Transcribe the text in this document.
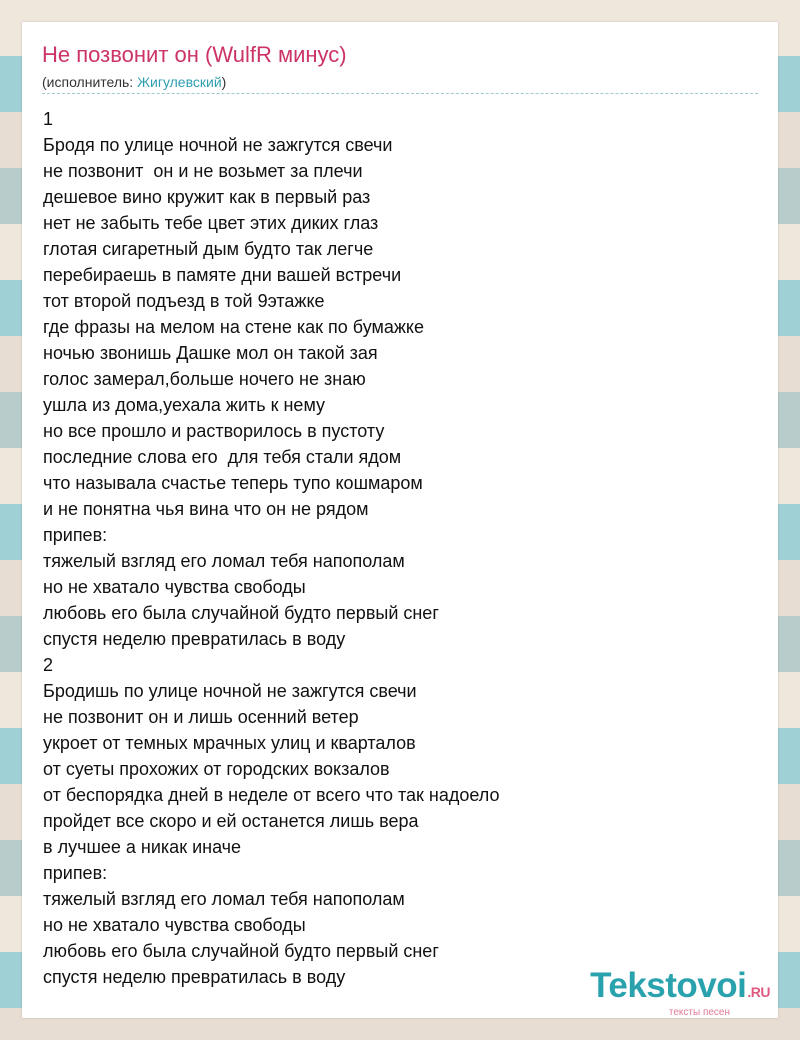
Не позвонит он (WulfR минус)
(исполнитель: Жигулевский)
1
Бродя по улице ночной не зажгутся свечи
не позвонит  он и не возьмет за плечи
дешевое вино кружит как в первый раз
нет не забыть тебе цвет этих диких глаз
глотая сигаретный дым будто так легче
перебираешь в памяте дни вашей встречи
тот второй подъезд в той 9этажке
где фразы на мелом на стене как по бумажке
ночью звонишь Дашке мол он такой зая
голос замерал,больше ночего не знаю
ушла из дома,уехала жить к нему
но все прошло и растворилось в пустоту
последние слова его  для тебя стали ядом
что называла счастье теперь тупо кошмаром
и не понятна чья вина что он не рядом
припев:
тяжелый взгляд его ломал тебя напополам
но не хватало чувства свободы
любовь его была случайной будто первый снег
спустя неделю превратилась в воду
2
Бродишь по улице ночной не зажгутся свечи
не позвонит он и лишь осенний ветер
укроет от темных мрачных улиц и кварталов
от суеты прохожих от городских вокзалов
от беспорядка дней в неделе от всего что так надоело
пройдет все скоро и ей останется лишь вера
в лучшее а никак иначе
припев:
тяжелый взгляд его ломал тебя напополам
но не хватало чувства свободы
любовь его была случайной будто первый снег
спустя неделю превратилась в воду	Tekstovoi.RU
тексты песен
